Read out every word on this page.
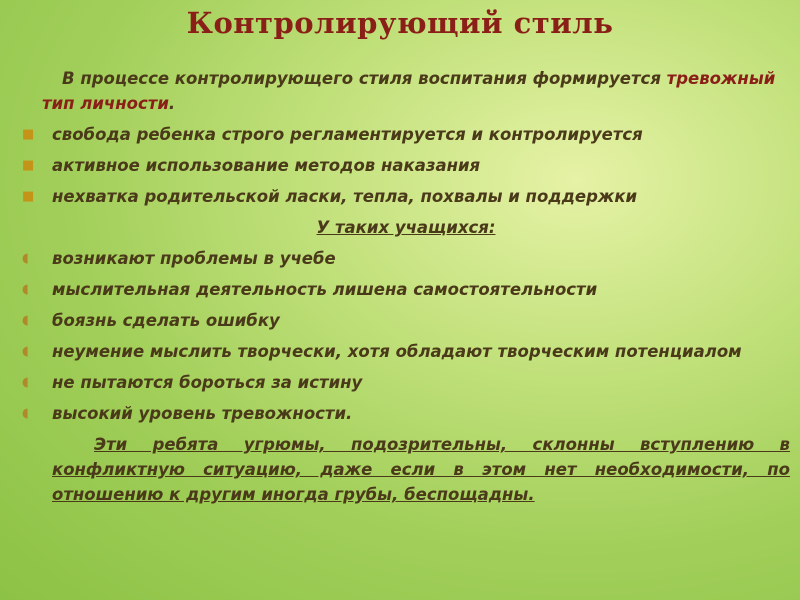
Контролирующий стиль

В процессе контролирующего стиля воспитания формируется тревожный тип личности.

■ свобода ребенка строго регламентируется и контролируется
■ активное использование методов наказания
■ нехватка родительской ласки, тепла, похвалы и поддержки

У таких учащихся:

◖ возникают проблемы в учебе
◖ мыслительная деятельность лишена самостоятельности
◖ боязнь сделать ошибку
◖ неумение мыслить творчески, хотя обладают творческим потенциалом
◖ не пытаются бороться за истину
◖ высокий уровень тревожности.

Эти ребята угрюмы, подозрительны, склонны вступлению в конфликтную ситуацию, даже если в этом нет необходимости, по отношению к другим иногда грубы, беспощадны.
